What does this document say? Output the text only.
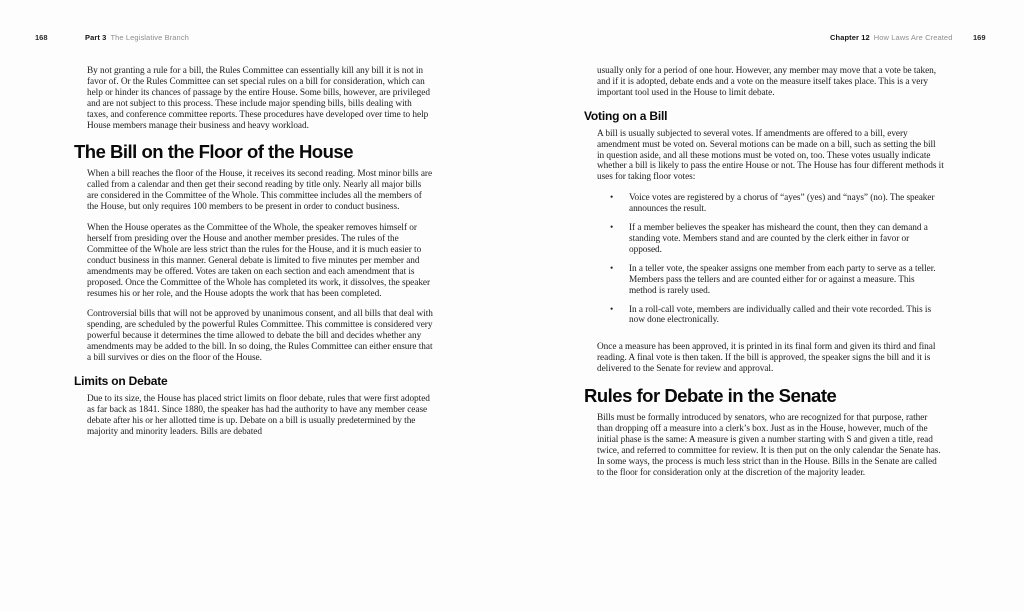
168	Part 3 The Legislative Branch	Chapter 12 How Laws Are Created	169

By not granting a rule for a bill, the Rules Committee can essentially kill any bill it is not in favor of. Or the Rules Committee can set special rules on a bill for consideration, which can help or hinder its chances of passage by the entire House. Some bills, however, are privileged and are not subject to this process. These include major spending bills, bills dealing with taxes, and conference committee reports. These procedures have developed over time to help House members manage their business and heavy workload.

The Bill on the Floor of the House

When a bill reaches the floor of the House, it receives its second reading. Most minor bills are called from a calendar and then get their second reading by title only. Nearly all major bills are considered in the Committee of the Whole. This committee includes all the members of the House, but only requires 100 members to be present in order to conduct business.

When the House operates as the Committee of the Whole, the speaker removes himself or herself from presiding over the House and another member presides. The rules of the Committee of the Whole are less strict than the rules for the House, and it is much easier to conduct business in this manner. General debate is limited to five minutes per member and amendments may be offered. Votes are taken on each section and each amendment that is proposed. Once the Committee of the Whole has completed its work, it dissolves, the speaker resumes his or her role, and the House adopts the work that has been completed.

Controversial bills that will not be approved by unanimous consent, and all bills that deal with spending, are scheduled by the powerful Rules Committee. This committee is considered very powerful because it determines the time allowed to debate the bill and decides whether any amendments may be added to the bill. In so doing, the Rules Committee can either ensure that a bill survives or dies on the floor of the House.

Limits on Debate

Due to its size, the House has placed strict limits on floor debate, rules that were first adopted as far back as 1841. Since 1880, the speaker has had the authority to have any member cease debate after his or her allotted time is up. Debate on a bill is usually predetermined by the majority and minority leaders. Bills are debated

usually only for a period of one hour. However, any member may move that a vote be taken, and if it is adopted, debate ends and a vote on the measure itself takes place. This is a very important tool used in the House to limit debate.

Voting on a Bill

A bill is usually subjected to several votes. If amendments are offered to a bill, every amendment must be voted on. Several motions can be made on a bill, such as setting the bill in question aside, and all these motions must be voted on, too. These votes usually indicate whether a bill is likely to pass the entire House or not. The House has four different methods it uses for taking floor votes:

• Voice votes are registered by a chorus of “ayes” (yes) and “nays” (no). The speaker announces the result.
• If a member believes the speaker has misheard the count, then they can demand a standing vote. Members stand and are counted by the clerk either in favor or opposed.
• In a teller vote, the speaker assigns one member from each party to serve as a teller. Members pass the tellers and are counted either for or against a measure. This method is rarely used.
• In a roll-call vote, members are individually called and their vote recorded. This is now done electronically.

Once a measure has been approved, it is printed in its final form and given its third and final reading. A final vote is then taken. If the bill is approved, the speaker signs the bill and it is delivered to the Senate for review and approval.

Rules for Debate in the Senate

Bills must be formally introduced by senators, who are recognized for that purpose, rather than dropping off a measure into a clerk’s box. Just as in the House, however, much of the initial phase is the same: A measure is given a number starting with S and given a title, read twice, and referred to committee for review. It is then put on the only calendar the Senate has. In some ways, the process is much less strict than in the House. Bills in the Senate are called to the floor for consideration only at the discretion of the majority leader.
